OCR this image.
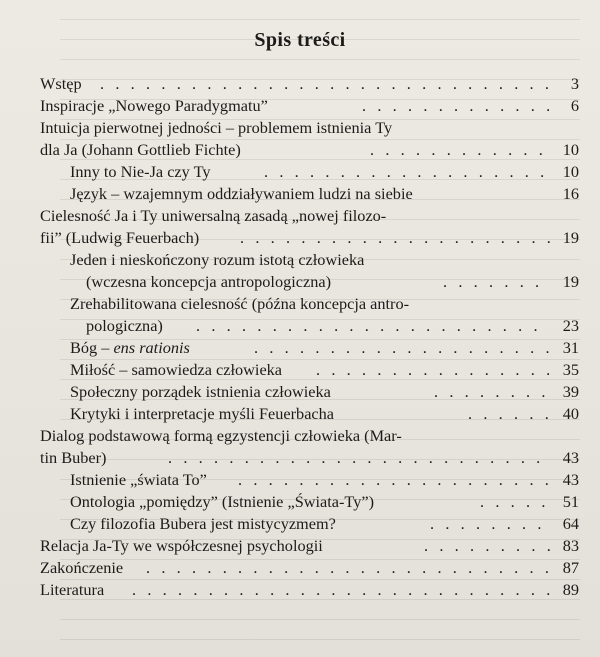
Spis treści
Wstęp . . .	3
Inspiracje „Nowego Paradygmatu” . . .	6
Intuicja pierwotnej jedności – problemem istnienia Ty
dla Ja (Johann Gottlieb Fichte) . . .	10
Inny to Nie-Ja czy Ty . . .	10
Język – wzajemnym oddziaływaniem ludzi na siebie	16
Cielesność Ja i Ty uniwersalną zasadą „nowej filozo-
fii” (Ludwig Feuerbach) . . .	19
Jeden i nieskończony rozum istotą człowieka
(wczesna koncepcja antropologiczna) . . .	19
Zrehabilitowana cielesność (późna koncepcja antro-
pologiczna) . . .	23
Bóg – ens rationis . . .	31
Miłość – samowiedza człowieka . . .	35
Społeczny porządek istnienia człowieka . . .	39
Krytyki i interpretacje myśli Feuerbacha . . .	40
Dialog podstawową formą egzystencji człowieka (Mar-
tin Buber) . . .	43
Istnienie „świata To” . . .	43
Ontologia „pomiędzy” (Istnienie „Świata-Ty”) . . .	51
Czy filozofia Bubera jest mistycyzmem? . . .	64
Relacja Ja-Ty we współczesnej psychologii . . .	83
Zakończenie . . .	87
Literatura . . .	89
